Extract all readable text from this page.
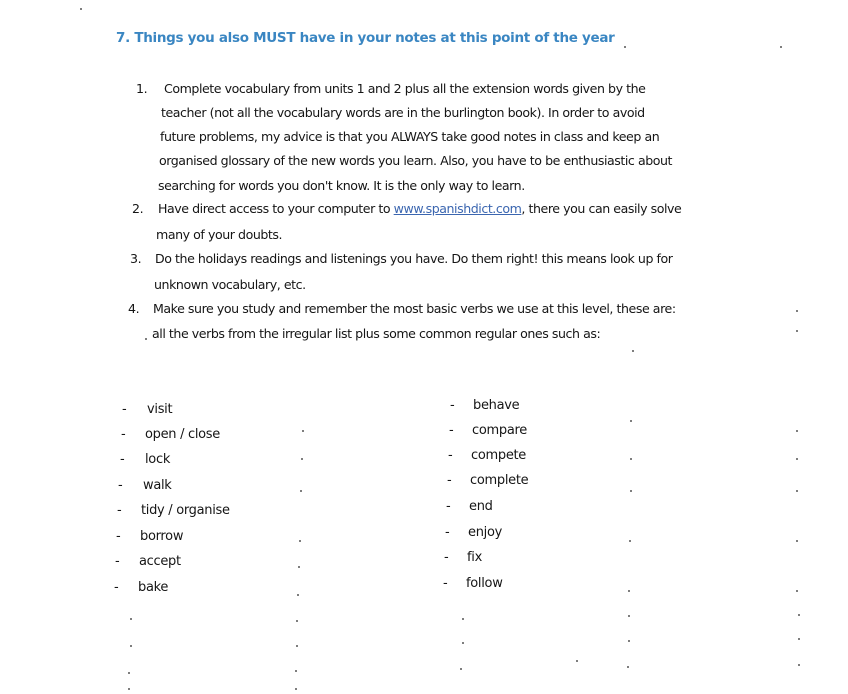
7. Things you also MUST have in your notes at this point of the year
1.	Complete vocabulary from units 1 and 2 plus all the extension words given by the
teacher (not all the vocabulary words are in the burlington book). In order to avoid
future problems, my advice is that you ALWAYS take good notes in class and keep an
organised glossary of the new words you learn. Also, you have to be enthusiastic about
searching for words you don't know. It is the only way to learn.
2.	Have direct access to your computer to www.spanishdict.com, there you can easily solve
many of your doubts.
3.	Do the holidays readings and listenings you have. Do them right! this means look up for
unknown vocabulary, etc.
4.	Make sure you study and remember the most basic verbs we use at this level, these are:
all the verbs from the irregular list plus some common regular ones such as:
- visit
- open / close
- lock
- walk
- tidy / organise
- borrow
- accept
- bake
- behave
- compare
- compete
- complete
- end
- enjoy
- fix
- follow
